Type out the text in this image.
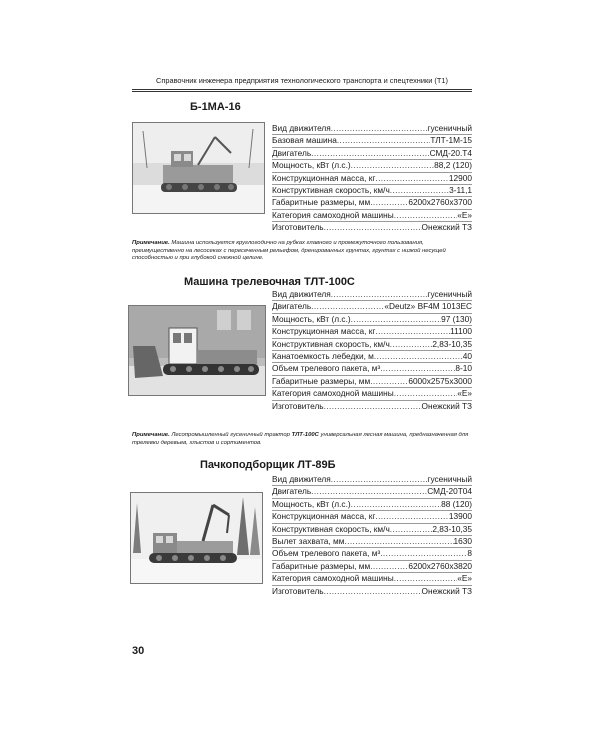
Справочник инженера предприятия технологического транспорта и спецтехники (Т1)
Б-1МА-16
Вид движителя .....	гусеничный
Базовая машина .....	ТЛТ-1М-15
Двигатель .....	СМД-20.Т4
Мощность, кВт (л.с.) .....	88,2 (120)
Конструкционная масса, кг .....	12900
Конструктивная скорость, км/ч .....	3-11,1
Габаритные размеры, мм .....	6200x2760x3700
Категория самоходной машины .....	«Е»
Изготовитель .....	Онежский ТЗ
Примечание. Машина используется круглогодично на рубках главного и промежуточного пользования, преимущественно на лесосеках с пересеченным рельефом, дренированных грунтах, грунтах с низкой несущей способностью и при глубокой снежной целине.
Машина трелевочная ТЛТ-100С
Вид движителя .....	гусеничный
Двигатель .....	«Deutz» BF4M 1013ЕС
Мощность, кВт (л.с.) .....	97 (130)
Конструкционная масса, кг .....	11100
Конструктивная скорость, км/ч .....	2,83-10,35
Канатоемкость лебедки, м .....	40
Объем трелевого пакета, м³ .....	8-10
Габаритные размеры, мм .....	6000x2575x3000
Категория самоходной машины .....	«Е»
Изготовитель .....	Онежский ТЗ
Примечание. Лесопромышленный гусеничный трактор ТЛТ-100С универсальная лесная машина, предназначенная для трелевки деревьев, хлыстов и сортиментов.
Пачкоподборщик ЛТ-89Б
Вид движителя .....	гусеничный
Двигатель .....	СМД-20Т04
Мощность, кВт (л.с.) .....	88 (120)
Конструкционная масса, кг .....	13900
Конструктивная скорость, км/ч .....	2,83-10,35
Вылет захвата, мм .....	1630
Объем трелевого пакета, м³ .....	8
Габаритные размеры, мм .....	6200x2760x3820
Категория самоходной машины .....	«Е»
Изготовитель .....	Онежский ТЗ
30
